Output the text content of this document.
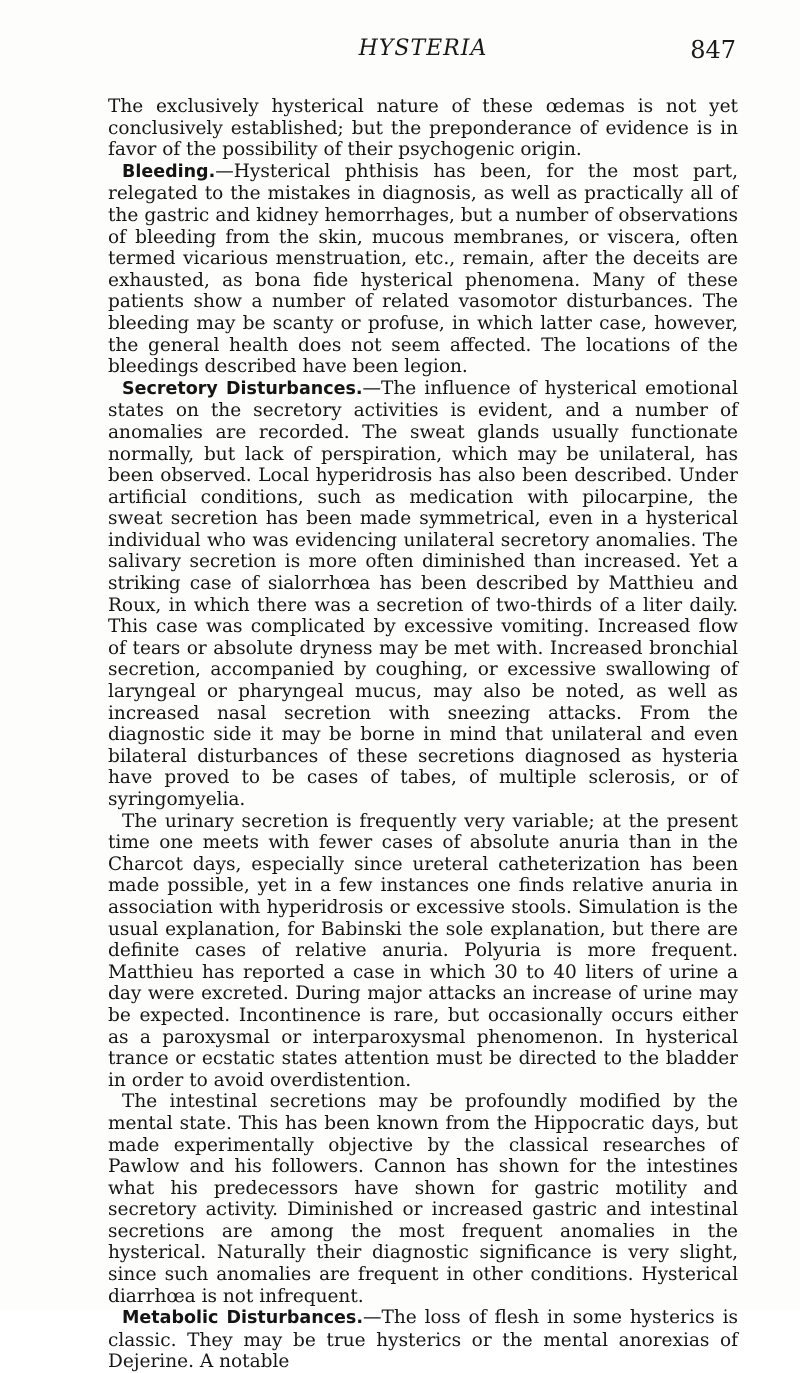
HYSTERIA	847

The exclusively hysterical nature of these œdemas is not yet conclusively established; but the preponderance of evidence is in favor of the possibility of their psychogenic origin.

Bleeding.—Hysterical phthisis has been, for the most part, relegated to the mistakes in diagnosis, as well as practically all of the gastric and kidney hemorrhages, but a number of observations of bleeding from the skin, mucous membranes, or viscera, often termed vicarious menstruation, etc., remain, after the deceits are exhausted, as bona fide hysterical phenomena. Many of these patients show a number of related vasomotor disturbances. The bleeding may be scanty or profuse, in which latter case, however, the general health does not seem affected. The locations of the bleedings described have been legion.

Secretory Disturbances.—The influence of hysterical emotional states on the secretory activities is evident, and a number of anomalies are recorded. The sweat glands usually functionate normally, but lack of perspiration, which may be unilateral, has been observed. Local hyperidrosis has also been described. Under artificial conditions, such as medication with pilocarpine, the sweat secretion has been made symmetrical, even in a hysterical individual who was evidencing unilateral secretory anomalies. The salivary secretion is more often diminished than increased. Yet a striking case of sialorrhœa has been described by Matthieu and Roux, in which there was a secretion of two-thirds of a liter daily. This case was complicated by excessive vomiting. Increased flow of tears or absolute dryness may be met with. Increased bronchial secretion, accompanied by coughing, or excessive swallowing of laryngeal or pharyngeal mucus, may also be noted, as well as increased nasal secretion with sneezing attacks. From the diagnostic side it may be borne in mind that unilateral and even bilateral disturbances of these secretions diagnosed as hysteria have proved to be cases of tabes, of multiple sclerosis, or of syringomyelia.

The urinary secretion is frequently very variable; at the present time one meets with fewer cases of absolute anuria than in the Charcot days, especially since ureteral catheterization has been made possible, yet in a few instances one finds relative anuria in association with hyperidrosis or excessive stools. Simulation is the usual explanation, for Babinski the sole explanation, but there are definite cases of relative anuria. Polyuria is more frequent. Matthieu has reported a case in which 30 to 40 liters of urine a day were excreted. During major attacks an increase of urine may be expected. Incontinence is rare, but occasionally occurs either as a paroxysmal or interparoxysmal phenomenon. In hysterical trance or ecstatic states attention must be directed to the bladder in order to avoid overdistention.

The intestinal secretions may be profoundly modified by the mental state. This has been known from the Hippocratic days, but made experimentally objective by the classical researches of Pawlow and his followers. Cannon has shown for the intestines what his predecessors have shown for gastric motility and secretory activity. Diminished or increased gastric and intestinal secretions are among the most frequent anomalies in the hysterical. Naturally their diagnostic significance is very slight, since such anomalies are frequent in other conditions. Hysterical diarrhœa is not infrequent.

Metabolic Disturbances.—The loss of flesh in some hysterics is classic. They may be true hysterics or the mental anorexias of Dejerine. A notable
